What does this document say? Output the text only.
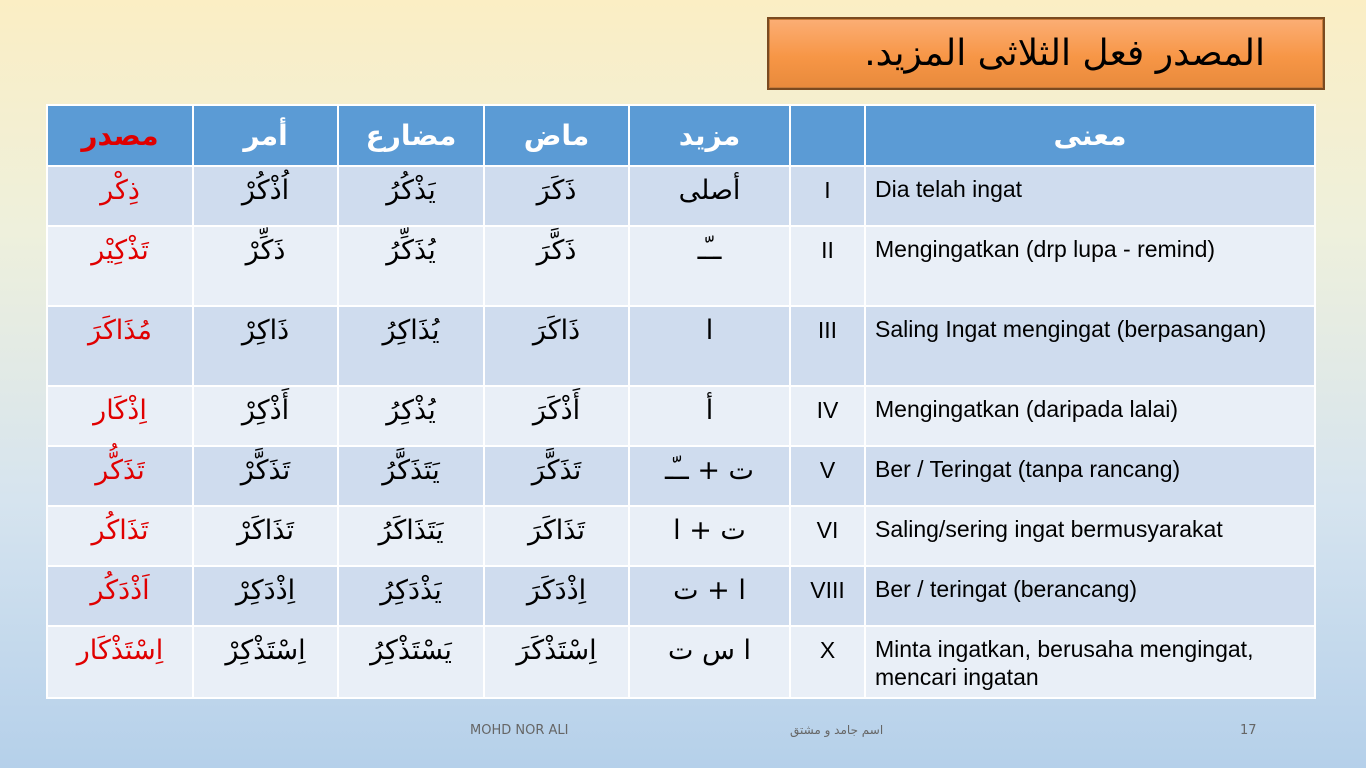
المصدر فعل الثلاثى المزيد.
مصدر	أمر	مضارع	ماض	مزيد		معنى
ذِكْر	اُذْكُرْ	يَذْكُرُ	ذَكَرَ	أصلى	I	Dia telah ingat
تَذْكِيْر	ذَكِّرْ	يُذَكِّرُ	ذَكَّرَ	ــّـ	II	Mengingatkan (drp lupa - remind)
مُذَاكَرَ	ذَاكِرْ	يُذَاكِرُ	ذَاكَرَ	ا	III	Saling Ingat mengingat (berpasangan)
اِذْكَار	أَذْكِرْ	يُذْكِرُ	أَذْكَرَ	أ	IV	Mengingatkan (daripada lalai)
تَذَكُّر	تَذَكَّرْ	يَتَذَكَّرُ	تَذَكَّرَ	ت + ــّـ	V	Ber / Teringat (tanpa rancang)
تَذَاكُر	تَذَاكَرْ	يَتَذَاكَرُ	تَذَاكَرَ	ت + ا	VI	Saling/sering ingat bermusyarakat
اَذْدَكُر	اِذْدَكِرْ	يَذْدَكِرُ	اِذْدَكَرَ	ا + ت	VIII	Ber / teringat (berancang)
اِسْتَذْكَار	اِسْتَذْكِرْ	يَسْتَذْكِرُ	اِسْتَذْكَرَ	ا س ت	X	Minta ingatkan, berusaha mengingat, mencari ingatan
MOHD NOR ALI	اسم جامد و مشتق	17
